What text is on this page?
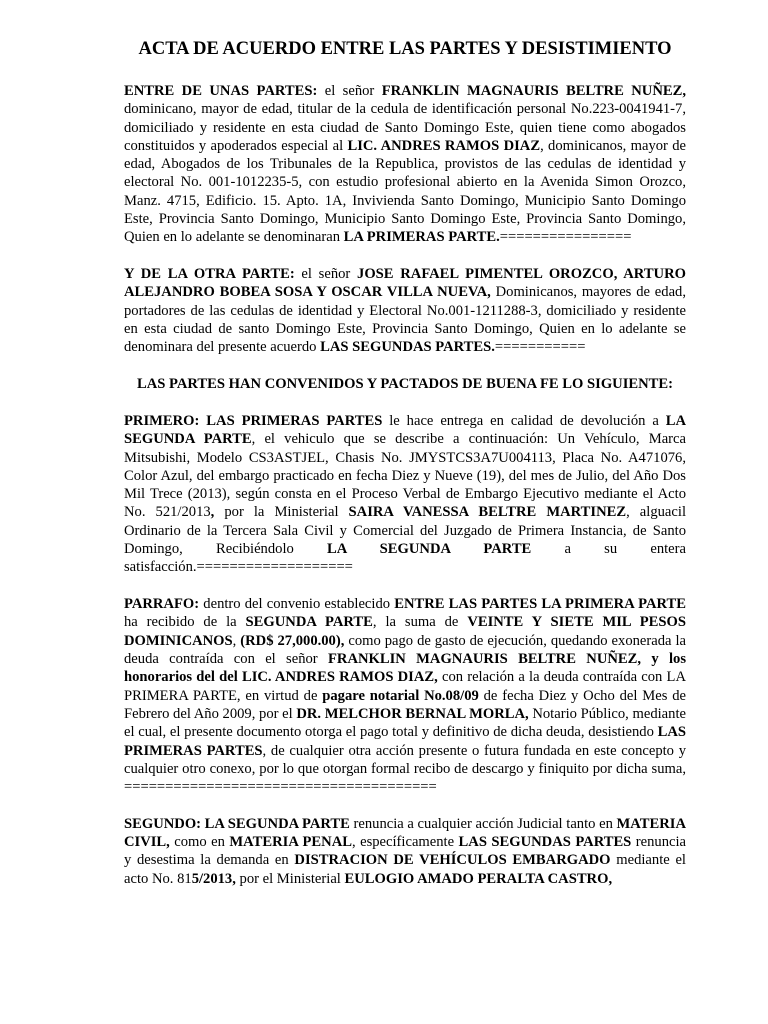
ACTA DE ACUERDO ENTRE LAS PARTES Y DESISTIMIENTO
ENTRE DE UNAS PARTES: el señor FRANKLIN MAGNAURIS BELTRE NUÑEZ, dominicano, mayor de edad, titular de la cedula de identificación personal No.223-0041941-7, domiciliado y residente en esta ciudad de Santo Domingo Este, quien tiene como abogados constituidos y apoderados especial al LIC. ANDRES RAMOS DIAZ, dominicanos, mayor de edad, Abogados de los Tribunales de la Republica, provistos de las cedulas de identidad y electoral No. 001-1012235-5, con estudio profesional abierto en la Avenida Simon Orozco, Manz. 4715, Edificio. 15. Apto. 1A, Invivienda Santo Domingo, Municipio Santo Domingo Este, Provincia Santo Domingo, Municipio Santo Domingo Este, Provincia Santo Domingo, Quien en lo adelante se denominaran LA PRIMERAS PARTE.================
Y DE LA OTRA PARTE: el señor JOSE RAFAEL PIMENTEL OROZCO, ARTURO ALEJANDRO BOBEA SOSA Y OSCAR VILLA NUEVA, Dominicanos, mayores de edad, portadores de las cedulas de identidad y Electoral No.001-1211288-3, domiciliado y residente en esta ciudad de santo Domingo Este, Provincia Santo Domingo, Quien en lo adelante se denominara del presente acuerdo LAS SEGUNDAS PARTES.===========
LAS PARTES HAN CONVENIDOS Y PACTADOS DE BUENA FE LO SIGUIENTE:
PRIMERO: LAS PRIMERAS PARTES le hace entrega en calidad de devolución a LA SEGUNDA PARTE, el vehiculo que se describe a continuación: Un Vehículo, Marca Mitsubishi, Modelo CS3ASTJEL, Chasis No. JMYSTCS3A7U004113, Placa No. A471076, Color Azul, del embargo practicado en fecha Diez y Nueve (19), del mes de Julio, del Año Dos Mil Trece (2013), según consta en el Proceso Verbal de Embargo Ejecutivo mediante el Acto No. 521/2013, por la Ministerial SAIRA VANESSA BELTRE MARTINEZ, alguacil Ordinario de la Tercera Sala Civil y Comercial del Juzgado de Primera Instancia, de Santo Domingo, Recibiéndolo LA SEGUNDA PARTE a su entera satisfacción.===================
PARRAFO: dentro del convenio establecido ENTRE LAS PARTES LA PRIMERA PARTE ha recibido de la SEGUNDA PARTE, la suma de VEINTE Y SIETE MIL PESOS DOMINICANOS, (RD$ 27,000.00), como pago de gasto de ejecución, quedando exonerada la deuda contraída con el señor FRANKLIN MAGNAURIS BELTRE NUÑEZ, y los honorarios del del LIC. ANDRES RAMOS DIAZ, con relación a la deuda contraída con LA PRIMERA PARTE, en virtud de pagare notarial No.08/09 de fecha Diez y Ocho del Mes de Febrero del Año 2009, por el DR. MELCHOR BERNAL MORLA, Notario Público, mediante el cual, el presente documento otorga el pago total y definitivo de dicha deuda, desistiendo LAS PRIMERAS PARTES, de cualquier otra acción presente o futura fundada en este concepto y cualquier otro conexo, por lo que otorgan formal recibo de descargo y finiquito por dicha suma, ======================================
SEGUNDO: LA SEGUNDA PARTE renuncia a cualquier acción Judicial tanto en MATERIA CIVIL, como en MATERIA PENAL, específicamente LAS SEGUNDAS PARTES renuncia y desestima la demanda en DISTRACION DE VEHÍCULOS EMBARGADO mediante el acto No. 815/2013, por el Ministerial EULOGIO AMADO PERALTA CASTRO,
